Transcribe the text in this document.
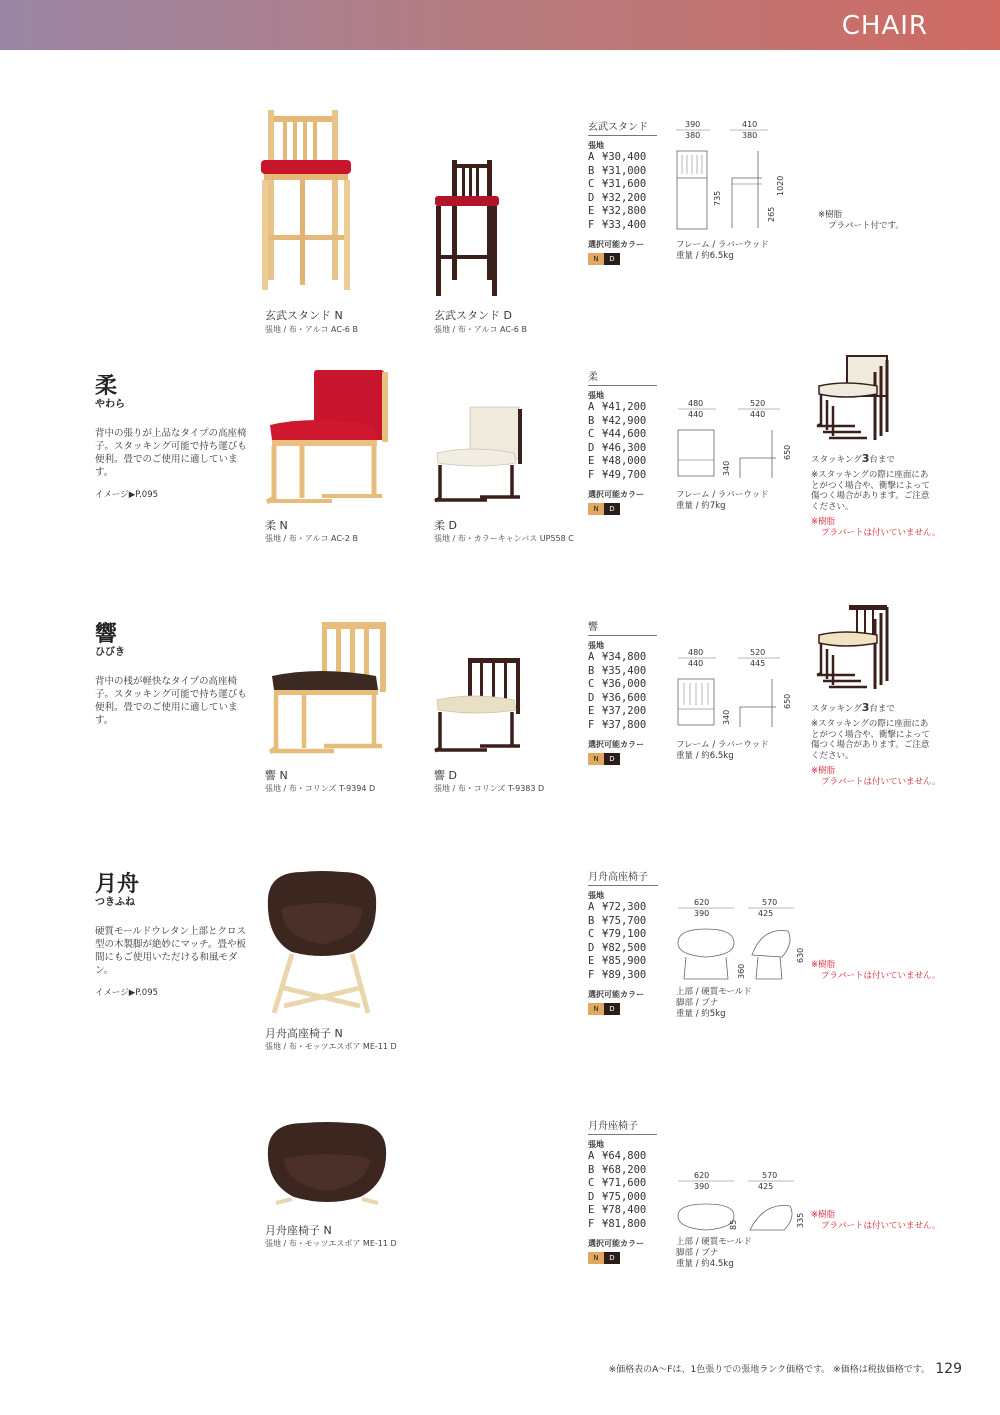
CHAIR
玄武スタンド N
張地 / 布・アルコ AC-6 B
玄武スタンド D
張地 / 布・アルコ AC-6 B
玄武スタンド
張地
A ¥30,400
B ¥31,000
C ¥31,600
D ¥32,200
E ¥32,800
F ¥33,400
選択可能カラー
N	D
390
380
410
380
735
265
1020
フレーム / ラバーウッド
重量 / 約6.5kg
※樹脂
プラパート付です。
柔
やわら
背中の張りが上品なタイプの高座椅子。スタッキング可能で持ち運びも便利。畳でのご使用に適しています。
イメージ▶P.095
柔 N
張地 / 布・アルコ AC-2 B
柔 D
張地 / 布・カラーキャンバス UP558 C
柔
張地
A ¥41,200
B ¥42,900
C ¥44,600
D ¥46,300
E ¥48,000
F ¥49,700
選択可能カラー
N	D
480
440
520
440
340
650
フレーム / ラバーウッド
重量 / 約7kg
スタッキング3台まで
※スタッキングの際に座面にあとがつく場合や、衝撃によって傷つく場合があります。ご注意ください。
※樹脂
プラパートは付いていません。
響
ひびき
背中の桟が軽快なタイプの高座椅子。スタッキング可能で持ち運びも便利。畳でのご使用に適しています。
響 N
張地 / 布・コリンズ T-9394 D
響 D
張地 / 布・コリンズ T-9383 D
響
張地
A ¥34,800
B ¥35,400
C ¥36,000
D ¥36,600
E ¥37,200
F ¥37,800
選択可能カラー
N	D
480
440
520
445
340
650
フレーム / ラバーウッド
重量 / 約6.5kg
スタッキング3台まで
※スタッキングの際に座面にあとがつく場合や、衝撃によって傷つく場合があります。ご注意ください。
※樹脂
プラパートは付いていません。
月舟
つきふね
硬質モールドウレタン上部とクロス型の木製脚が絶妙にマッチ。畳や板間にもご使用いただける和風モダン。
イメージ▶P.095
月舟高座椅子 N
張地 / 布・モッツエスポア ME-11 D
月舟高座椅子
張地
A ¥72,300
B ¥75,700
C ¥79,100
D ¥82,500
E ¥85,900
F ¥89,300
選択可能カラー
N	D
620
390
570
425
360
630
上部 / 硬質モールド
脚部 / ブナ
重量 / 約5kg
※樹脂
プラパートは付いていません。
月舟座椅子 N
張地 / 布・モッツエスポア ME-11 D
月舟座椅子
張地
A ¥64,800
B ¥68,200
C ¥71,600
D ¥75,000
E ¥78,400
F ¥81,800
選択可能カラー
N	D
620
390
570
425
85	335
上部 / 硬質モールド
脚部 / ブナ
重量 / 約4.5kg
※樹脂
プラパートは付いていません。
※価格表のA〜Fは、1色張りでの張地ランク価格です。 ※価格は税抜価格です。 129
